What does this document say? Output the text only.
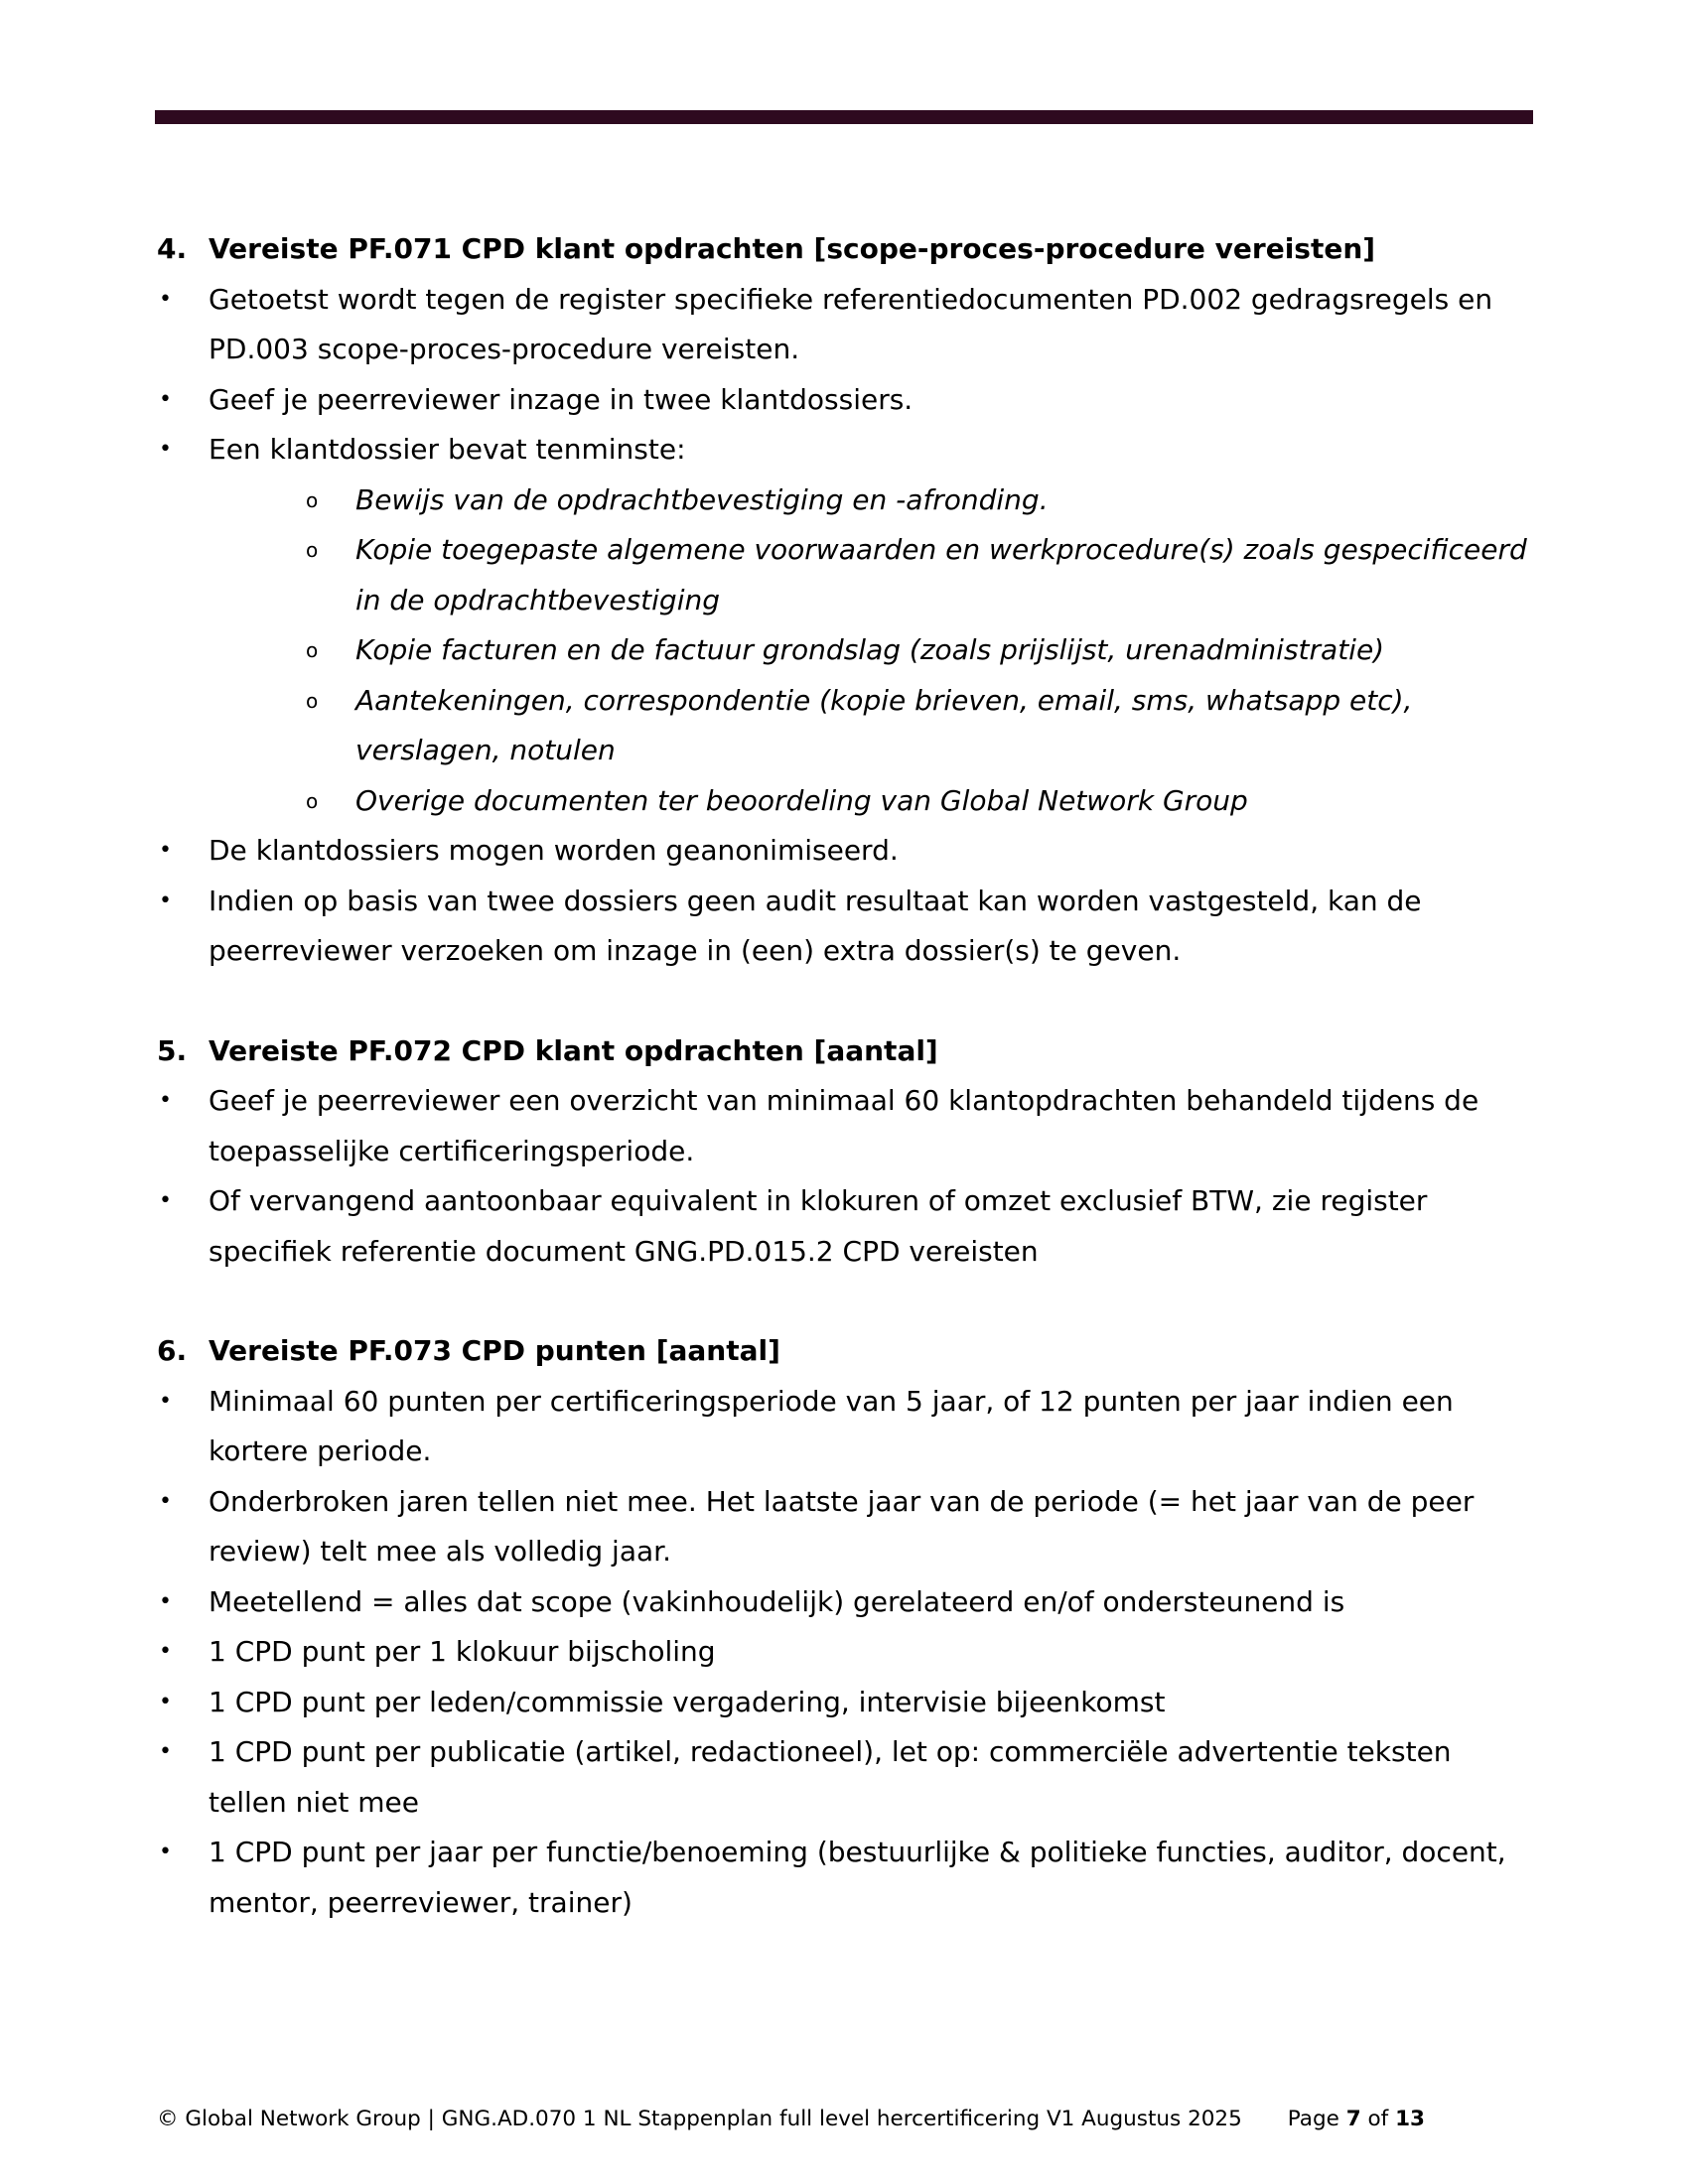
4. Vereiste PF.071 CPD klant opdrachten [scope-proces-procedure vereisten]
•	Getoetst wordt tegen de register specifieke referentiedocumenten PD.002 gedragsregels en PD.003 scope-proces-procedure vereisten.
•	Geef je peerreviewer inzage in twee klantdossiers.
•	Een klantdossier bevat tenminste:
o	Bewijs van de opdrachtbevestiging en -afronding.
o	Kopie toegepaste algemene voorwaarden en werkprocedure(s) zoals gespecificeerd in de opdrachtbevestiging
o	Kopie facturen en de factuur grondslag (zoals prijslijst, urenadministratie)
o	Aantekeningen, correspondentie (kopie brieven, email, sms, whatsapp etc), verslagen, notulen
o	Overige documenten ter beoordeling van Global Network Group
•	De klantdossiers mogen worden geanonimiseerd.
•	Indien op basis van twee dossiers geen audit resultaat kan worden vastgesteld, kan de peerreviewer verzoeken om inzage in (een) extra dossier(s) te geven.
5. Vereiste PF.072 CPD klant opdrachten [aantal]
•	Geef je peerreviewer een overzicht van minimaal 60 klantopdrachten behandeld tijdens de toepasselijke certificeringsperiode.
•	Of vervangend aantoonbaar equivalent in klokuren of omzet exclusief BTW, zie register specifiek referentie document GNG.PD.015.2 CPD vereisten
6. Vereiste PF.073 CPD punten [aantal]
•	Minimaal 60 punten per certificeringsperiode van 5 jaar, of 12 punten per jaar indien een kortere periode.
•	Onderbroken jaren tellen niet mee. Het laatste jaar van de periode (= het jaar van de peer review) telt mee als volledig jaar.
•	Meetellend = alles dat scope (vakinhoudelijk) gerelateerd en/of ondersteunend is
•	1 CPD punt per 1 klokuur bijscholing
•	1 CPD punt per leden/commissie vergadering, intervisie bijeenkomst
•	1 CPD punt per publicatie (artikel, redactioneel), let op: commerciële advertentie teksten tellen niet mee
•	1 CPD punt per jaar per functie/benoeming (bestuurlijke & politieke functies, auditor, docent, mentor, peerreviewer, trainer)
© Global Network Group | GNG.AD.070 1 NL Stappenplan full level hercertificering V1 Augustus 2025 Page 7 of 13
